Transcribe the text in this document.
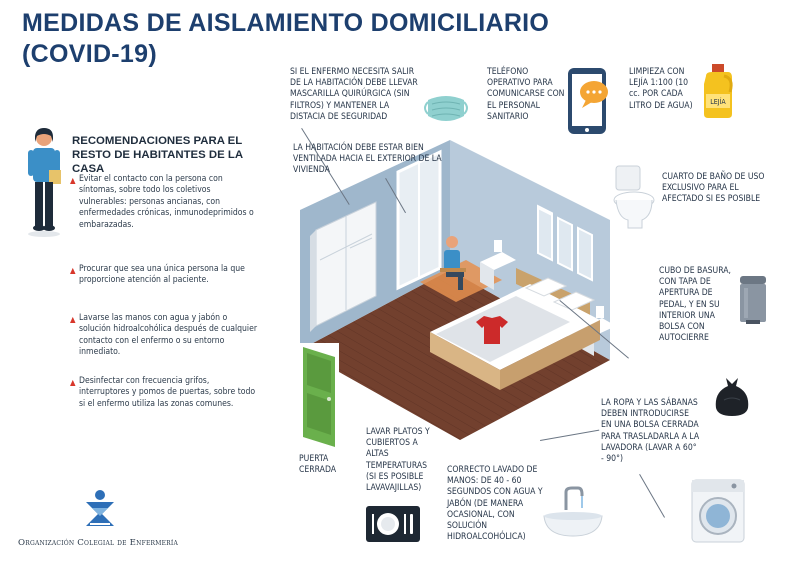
MEDIDAS DE AISLAMIENTO DOMICILIARIO
(COVID-19)
RECOMENDACIONES PARA EL RESTO DE HABITANTES DE LA CASA
▲ Evitar el contacto con la persona con síntomas, sobre todo los coletivos vulnerables: personas ancianas, con enfermedades crónicas, inmunodeprimidos o embarazadas.
▲ Procurar que sea una única persona la que proporcione atención al paciente.
▲ Lavarse las manos con agua y jabón o solución hidroalcohólica después de cualquier contacto con el enfermo o su entorno inmediato.
▲ Desinfectar con frecuencia grifos, interruptores y pomos de puertas, sobre todo si el enfermo utiliza las zonas comunes.
Organización Colegial de Enfermería
SI EL ENFERMO NECESITA SALIR DE LA HABITACIÓN DEBE LLEVAR MASCARILLA QUIRÚRGICA (SIN FILTROS) Y MANTENER LA DISTACIA DE SEGURIDAD
TELÉFONO OPERATIVO PARA COMUNICARSE CON EL PERSONAL SANITARIO
LIMPIEZA CON LEJÍA 1:100 (10 cc. POR CADA LITRO DE AGUA)	LEJÍA
LA HABITACIÓN DEBE ESTAR BIEN VENTILADA HACIA EL EXTERIOR DE LA VIVIENDA
CUARTO DE BAÑO DE USO EXCLUSIVO PARA EL AFECTADO SI ES POSIBLE
CUBO DE BASURA, CON TAPA DE APERTURA DE PEDAL, Y EN SU INTERIOR UNA BOLSA CON AUTOCIERRE
LA ROPA Y LAS SÁBANAS DEBEN INTRODUCIRSE EN UNA BOLSA CERRADA PARA TRASLADARLA A LA LAVADORA (LAVAR A 60° - 90°)
PUERTA CERRADA
LAVAR PLATOS Y CUBIERTOS A ALTAS TEMPERATURAS (SI ES POSIBLE LAVAVAJILLAS)
CORRECTO LAVADO DE MANOS: DE 40 - 60 SEGUNDOS CON AGUA Y JABÓN (DE MANERA OCASIONAL, CON SOLUCIÓN HIDROALCOHÓLICA)
